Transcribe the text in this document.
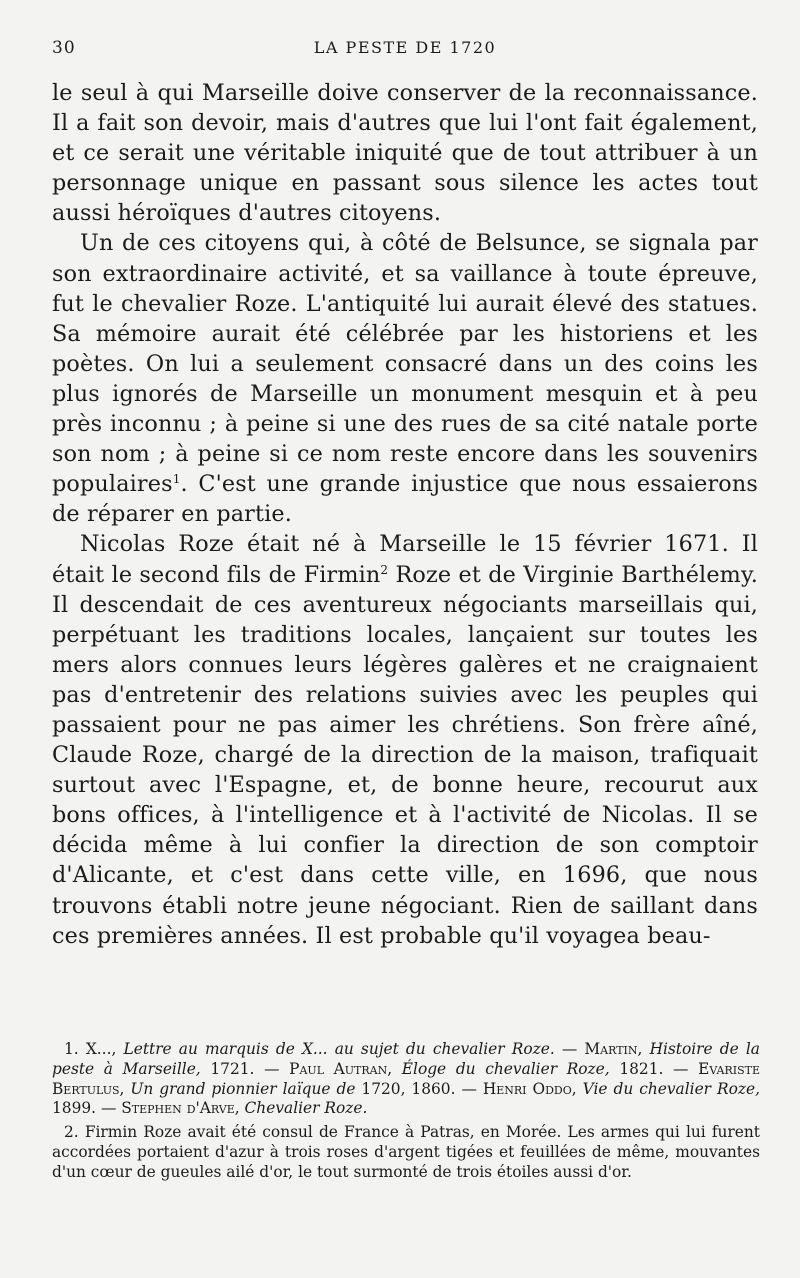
30	LA PESTE DE 1720

le seul à qui Marseille doive conserver de la reconnaissance. Il a fait son devoir, mais d'autres que lui l'ont fait également, et ce serait une véritable iniquité que de tout attribuer à un personnage unique en passant sous silence les actes tout aussi héroïques d'autres citoyens.

Un de ces citoyens qui, à côté de Belsunce, se signala par son extraordinaire activité, et sa vaillance à toute épreuve, fut le chevalier Roze. L'antiquité lui aurait élevé des statues. Sa mémoire aurait été célébrée par les historiens et les poètes. On lui a seulement consacré dans un des coins les plus ignorés de Marseille un monument mesquin et à peu près inconnu ; à peine si une des rues de sa cité natale porte son nom ; à peine si ce nom reste encore dans les souvenirs populaires$^1$. C'est une grande injustice que nous essaierons de réparer en partie.

Nicolas Roze était né à Marseille le 15 février 1671. Il était le second fils de Firmin$^2$ Roze et de Virginie Barthélemy. Il descendait de ces aventureux négociants marseillais qui, perpétuant les traditions locales, lançaient sur toutes les mers alors connues leurs légères galères et ne craignaient pas d'entretenir des relations suivies avec les peuples qui passaient pour ne pas aimer les chrétiens. Son frère aîné, Claude Roze, chargé de la direction de la maison, trafiquait surtout avec l'Espagne, et, de bonne heure, recourut aux bons offices, à l'intelligence et à l'activité de Nicolas. Il se décida même à lui confier la direction de son comptoir d'Alicante, et c'est dans cette ville, en 1696, que nous trouvons établi notre jeune négociant. Rien de saillant dans ces premières années. Il est probable qu'il voyagea beau-

1. X..., Lettre au marquis de X... au sujet du chevalier Roze. — Martin, Histoire de la peste à Marseille, 1721. — Paul Autran, Éloge du chevalier Roze, 1821. — Evariste Bertulus, Un grand pionnier laïque de 1720, 1860. — Henri Oddo, Vie du chevalier Roze, 1899. — Stephen d'Arve, Chevalier Roze.

2. Firmin Roze avait été consul de France à Patras, en Morée. Les armes qui lui furent accordées portaient d'azur à trois roses d'argent tigées et feuillées de même, mouvantes d'un cœur de gueules ailé d'or, le tout surmonté de trois étoiles aussi d'or.
